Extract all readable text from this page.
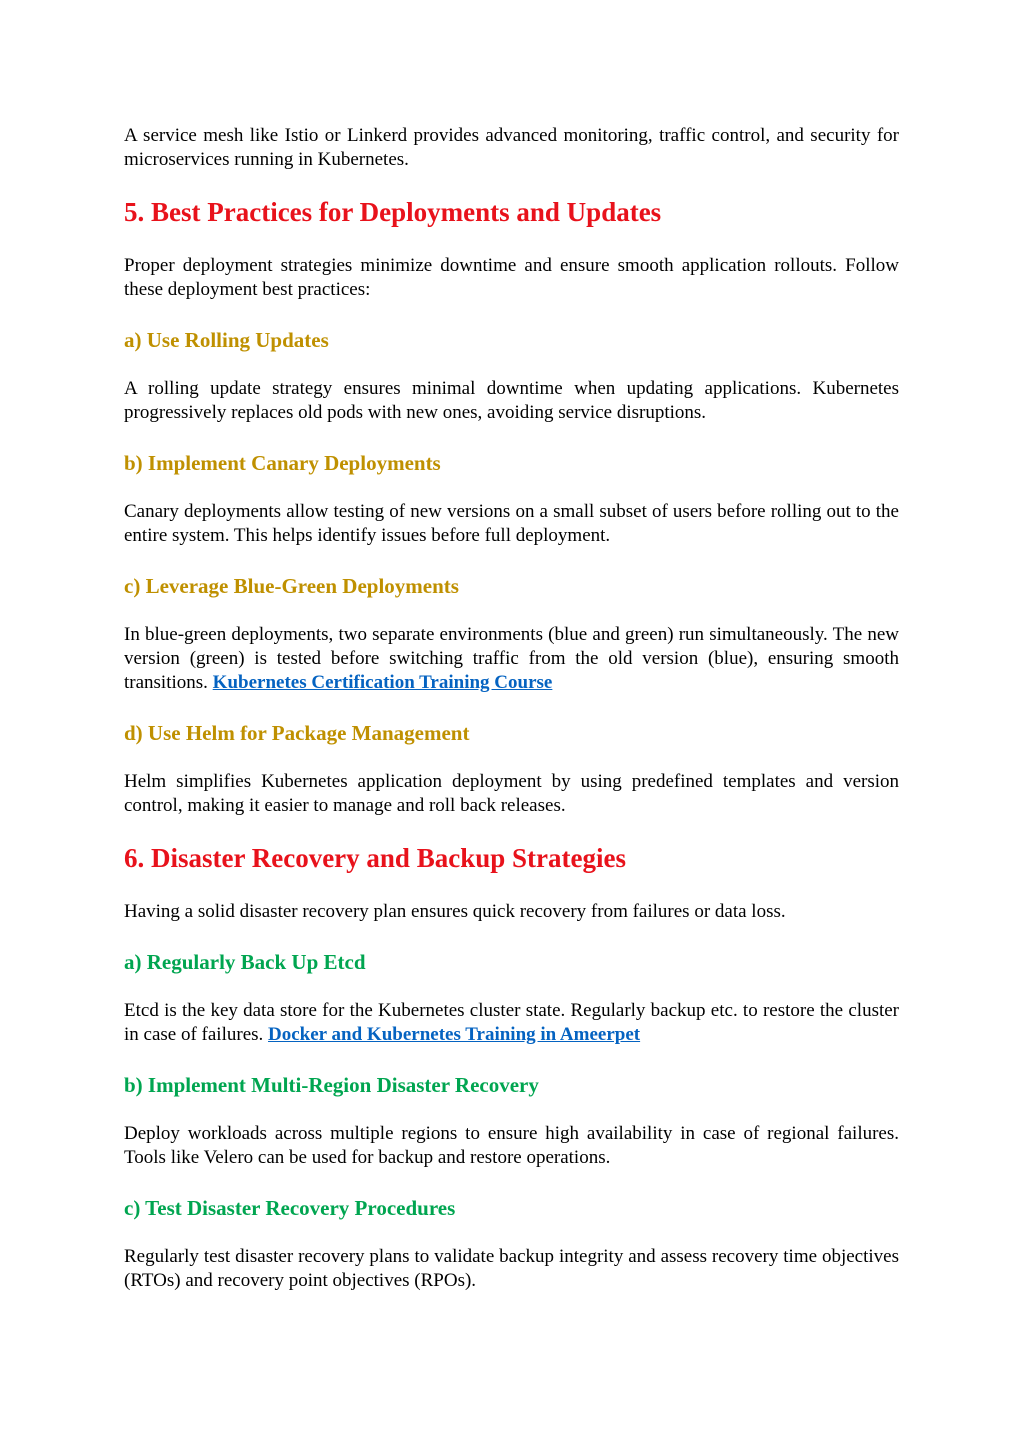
A service mesh like Istio or Linkerd provides advanced monitoring, traffic control, and security for microservices running in Kubernetes.

5. Best Practices for Deployments and Updates

Proper deployment strategies minimize downtime and ensure smooth application rollouts. Follow these deployment best practices:

a) Use Rolling Updates

A rolling update strategy ensures minimal downtime when updating applications. Kubernetes progressively replaces old pods with new ones, avoiding service disruptions.

b) Implement Canary Deployments

Canary deployments allow testing of new versions on a small subset of users before rolling out to the entire system. This helps identify issues before full deployment.

c) Leverage Blue-Green Deployments

In blue-green deployments, two separate environments (blue and green) run simultaneously. The new version (green) is tested before switching traffic from the old version (blue), ensuring smooth transitions. Kubernetes Certification Training Course

d) Use Helm for Package Management

Helm simplifies Kubernetes application deployment by using predefined templates and version control, making it easier to manage and roll back releases.

6. Disaster Recovery and Backup Strategies

Having a solid disaster recovery plan ensures quick recovery from failures or data loss.

a) Regularly Back Up Etcd

Etcd is the key data store for the Kubernetes cluster state. Regularly backup etc. to restore the cluster in case of failures. Docker and Kubernetes Training in Ameerpet

b) Implement Multi-Region Disaster Recovery

Deploy workloads across multiple regions to ensure high availability in case of regional failures. Tools like Velero can be used for backup and restore operations.

c) Test Disaster Recovery Procedures

Regularly test disaster recovery plans to validate backup integrity and assess recovery time objectives (RTOs) and recovery point objectives (RPOs).
